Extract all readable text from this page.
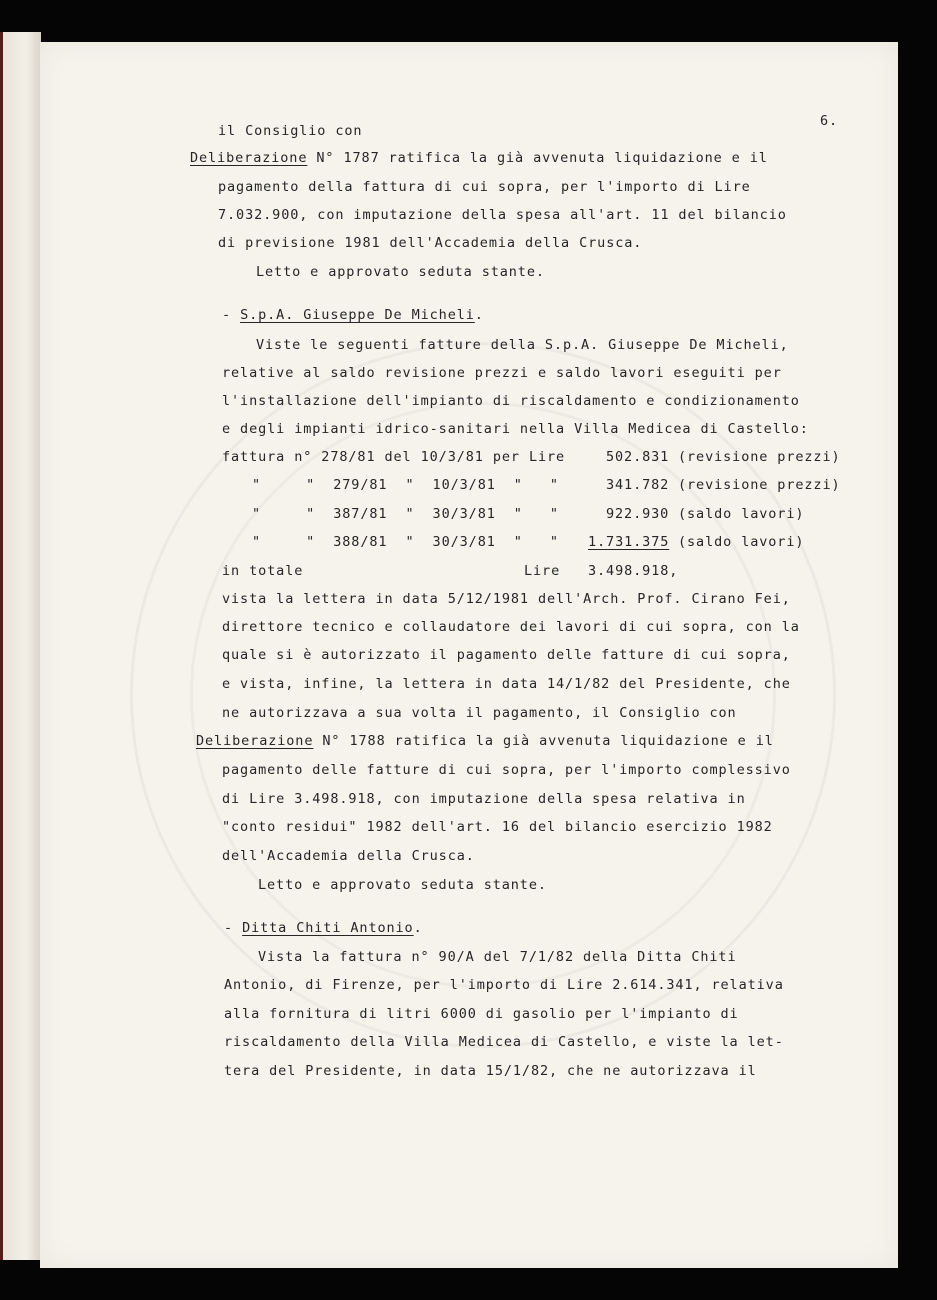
6.
il Consiglio con
Deliberazione N° 1787 ratifica la già avvenuta liquidazione e il
pagamento della fattura di cui sopra, per l'importo di Lire
7.032.900, con imputazione della spesa all'art. 11 del bilancio
di previsione 1981 dell'Accademia della Crusca.
Letto e approvato seduta stante.
- S.p.A. Giuseppe De Micheli.
Viste le seguenti fatture della S.p.A. Giuseppe De Micheli,
relative al saldo revisione prezzi e saldo lavori eseguiti per
l'installazione dell'impianto di riscaldamento e condizionamento
e degli impianti idrico-sanitari nella Villa Medicea di Castello:
fattura n° 278/81 del 10/3/81 per Lire	502.831 (revisione prezzi)
"     "  279/81  "  10/3/81  "   "	341.782 (revisione prezzi)
"     "  387/81  "  30/3/81  "   "	922.930 (saldo lavori)
"     "  388/81  "  30/3/81  "   " 1.731.375 (saldo lavori)
in totale	Lire 3.498.918,
vista la lettera in data 5/12/1981 dell'Arch. Prof. Cirano Fei,
direttore tecnico e collaudatore dei lavori di cui sopra, con la
quale si è autorizzato il pagamento delle fatture di cui sopra,
e vista, infine, la lettera in data 14/1/82 del Presidente, che
ne autorizzava a sua volta il pagamento, il Consiglio con
Deliberazione N° 1788 ratifica la già avvenuta liquidazione e il
pagamento delle fatture di cui sopra, per l'importo complessivo
di Lire 3.498.918, con imputazione della spesa relativa in
"conto residui" 1982 dell'art. 16 del bilancio esercizio 1982
dell'Accademia della Crusca.
Letto e approvato seduta stante.
- Ditta Chiti Antonio.
Vista la fattura n° 90/A del 7/1/82 della Ditta Chiti
Antonio, di Firenze, per l'importo di Lire 2.614.341, relativa
alla fornitura di litri 6000 di gasolio per l'impianto di
riscaldamento della Villa Medicea di Castello, e viste la let-
tera del Presidente, in data 15/1/82, che ne autorizzava il
